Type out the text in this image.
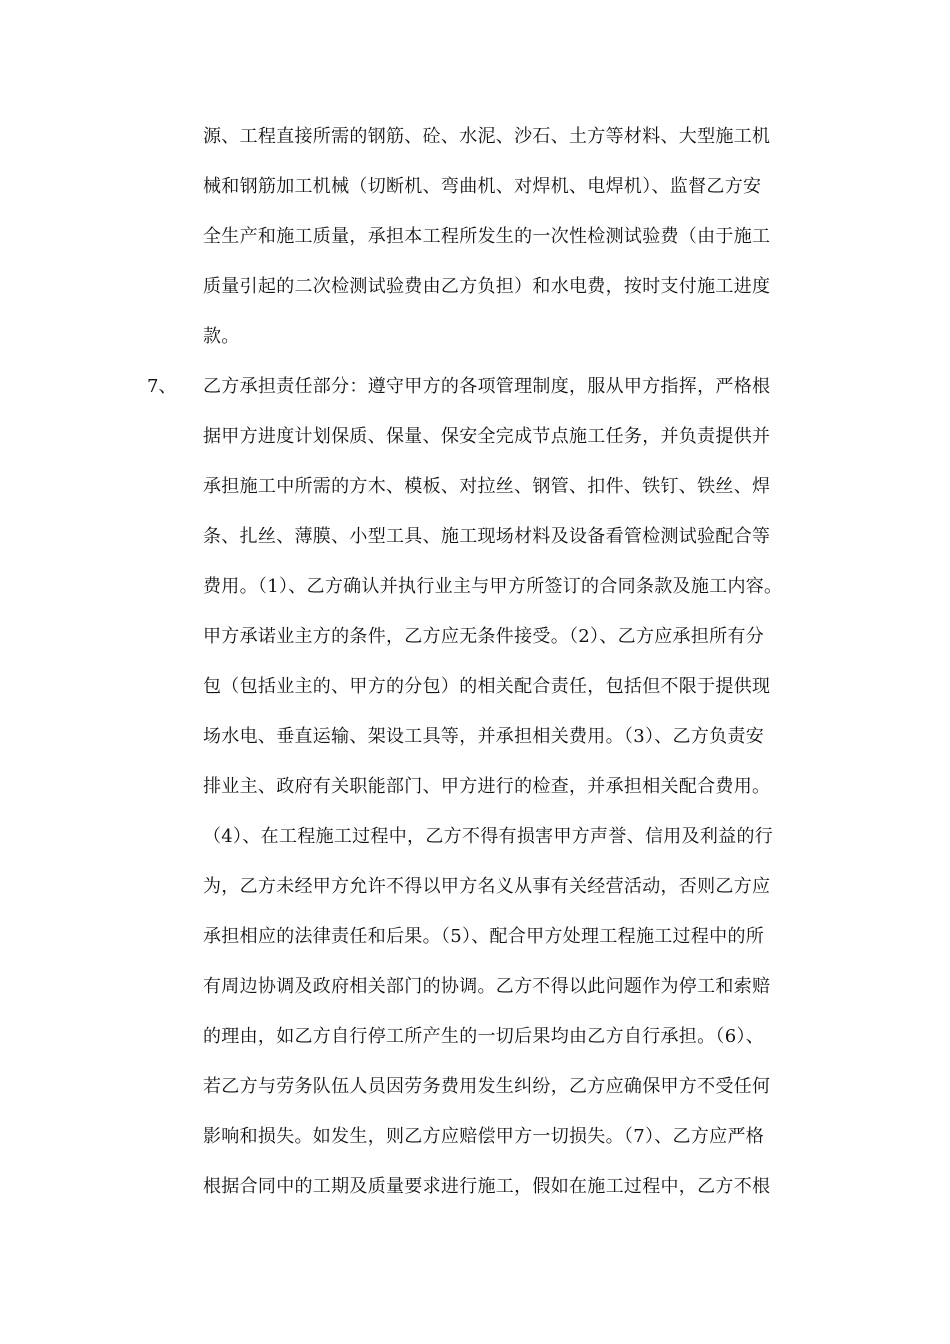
源、工程直接所需的钢筋、砼、水泥、沙石、土方等材料、大型施工机
械和钢筋加工机械（切断机、弯曲机、对焊机、电焊机）、监督乙方安
全生产和施工质量，承担本工程所发生的一次性检测试验费（由于施工
质量引起的二次检测试验费由乙方负担）和水电费，按时支付施工进度
款。
7、 乙方承担责任部分：遵守甲方的各项管理制度，服从甲方指挥，严格根
据甲方进度计划保质、保量、保安全完成节点施工任务，并负责提供并
承担施工中所需的方木、模板、对拉丝、钢管、扣件、铁钉、铁丝、焊
条、扎丝、薄膜、小型工具、施工现场材料及设备看管检测试验配合等
费用。（1）、乙方确认并执行业主与甲方所签订的合同条款及施工内容。
甲方承诺业主方的条件，乙方应无条件接受。（2）、乙方应承担所有分
包（包括业主的、甲方的分包）的相关配合责任，包括但不限于提供现
场水电、垂直运输、架设工具等，并承担相关费用。（3）、乙方负责安
排业主、政府有关职能部门、甲方进行的检查，并承担相关配合费用。
（4）、在工程施工过程中，乙方不得有损害甲方声誉、信用及利益的行
为，乙方未经甲方允许不得以甲方名义从事有关经营活动，否则乙方应
承担相应的法律责任和后果。（5）、配合甲方处理工程施工过程中的所
有周边协调及政府相关部门的协调。乙方不得以此问题作为停工和索赔
的理由，如乙方自行停工所产生的一切后果均由乙方自行承担。（6）、
若乙方与劳务队伍人员因劳务费用发生纠纷，乙方应确保甲方不受任何
影响和损失。如发生，则乙方应赔偿甲方一切损失。（7）、乙方应严格
根据合同中的工期及质量要求进行施工，假如在施工过程中，乙方不根
